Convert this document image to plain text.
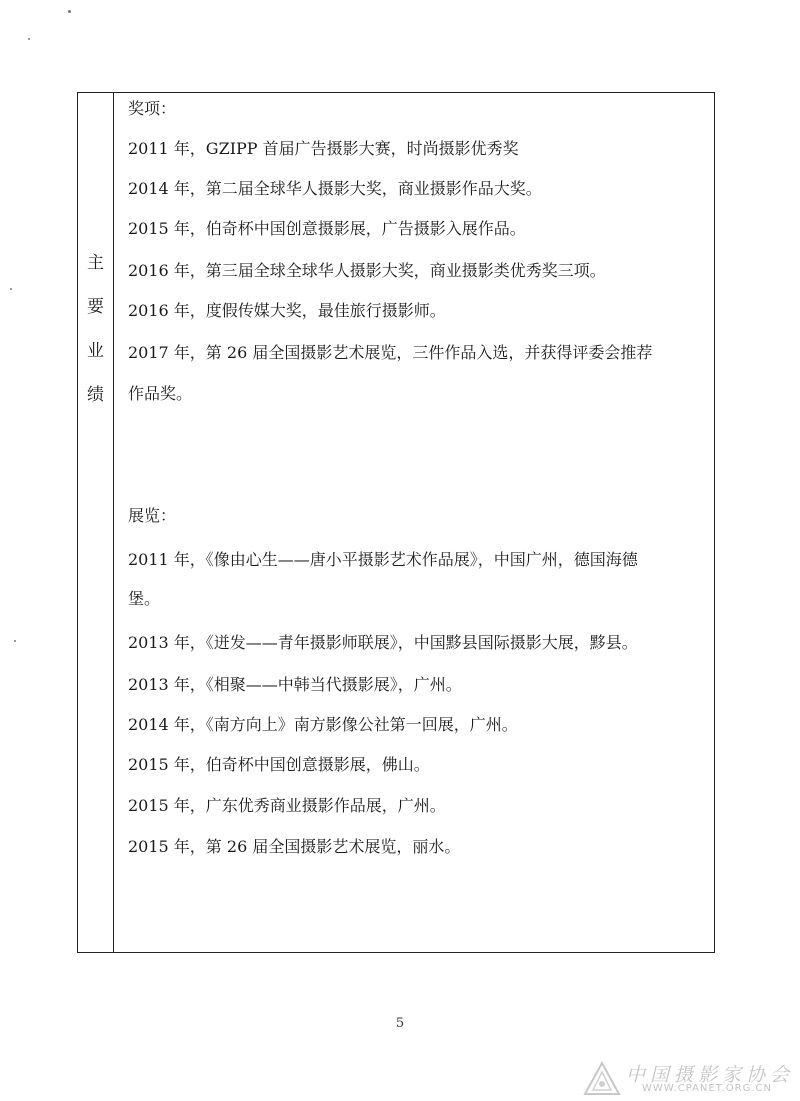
主
要
业
绩
奖项：
2011 年，GZIPP 首届广告摄影大赛，时尚摄影优秀奖
2014 年，第二届全球华人摄影大奖，商业摄影作品大奖。
2015 年，伯奇杯中国创意摄影展，广告摄影入展作品。
2016 年，第三届全球全球华人摄影大奖，商业摄影类优秀奖三项。
2016 年，度假传媒大奖，最佳旅行摄影师。
2017 年，第 26 届全国摄影艺术展览，三件作品入选，并获得评委会推荐
作品奖。
展览：
2011 年，《像由心生——唐小平摄影艺术作品展》，中国广州，德国海德
堡。
2013 年，《迸发——青年摄影师联展》，中国黟县国际摄影大展，黟县。
2013 年，《相聚——中韩当代摄影展》，广州。
2014 年，《南方向上》南方影像公社第一回展，广州。
2015 年，伯奇杯中国创意摄影展，佛山。
2015 年，广东优秀商业摄影作品展，广州。
2015 年，第 26 届全国摄影艺术展览，丽水。
5
中国摄影家协会
WWW.CPANET.ORG.CN
